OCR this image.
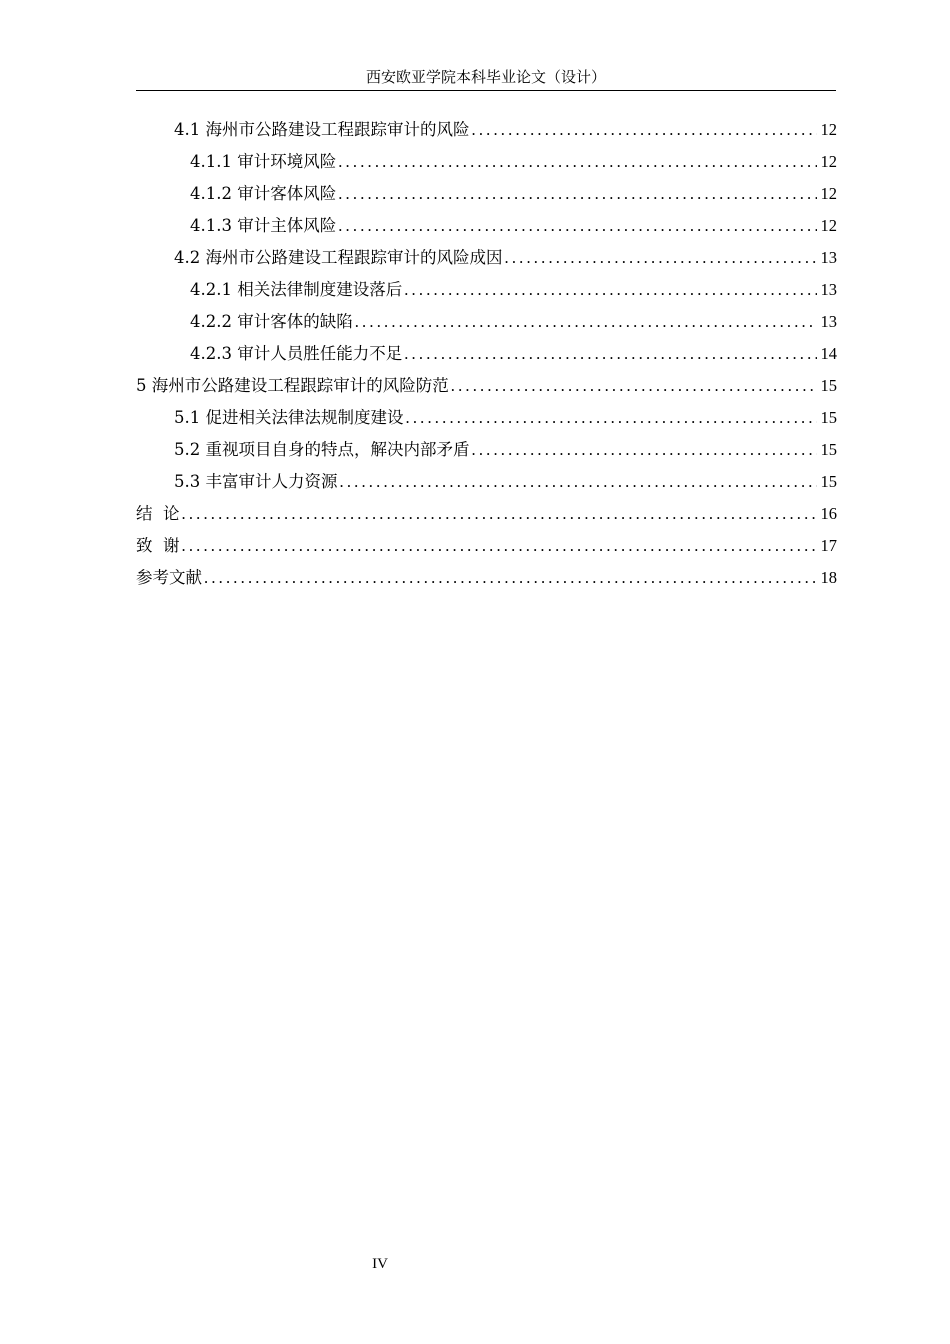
西安欧亚学院本科毕业论文（设计）
4.1 海州市公路建设工程跟踪审计的风险 .....	12
4.1.1 审计环境风险 .....	12
4.1.2 审计客体风险 .....	12
4.1.3 审计主体风险 .....	12
4.2 海州市公路建设工程跟踪审计的风险成因 .....	13
4.2.1 相关法律制度建设落后 .....	13
4.2.2 审计客体的缺陷 .....	13
4.2.3 审计人员胜任能力不足 .....	14
5 海州市公路建设工程跟踪审计的风险防范 .....	15
5.1 促进相关法律法规制度建设 .....	15
5.2 重视项目自身的特点，解决内部矛盾 .....	15
5.3 丰富审计人力资源 .....	15
结  论 .....	16
致  谢 .....	17
参考文献 .....	18
IV
